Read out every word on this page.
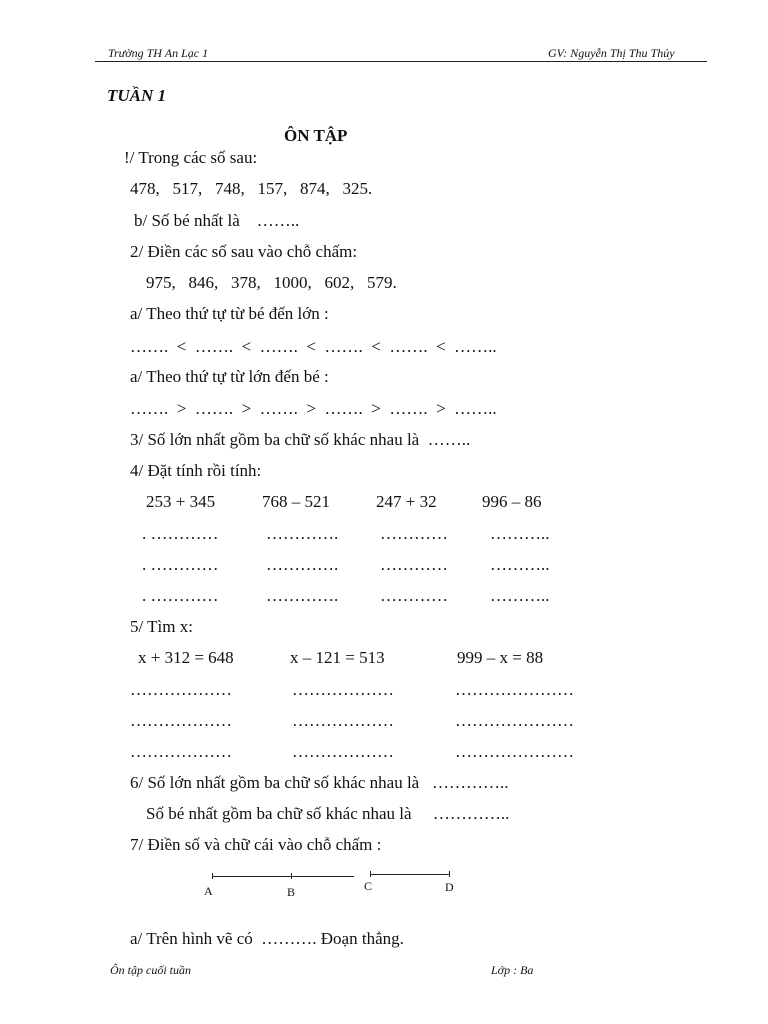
Trường TH An Lạc 1	GV: Nguyễn Thị Thu Thủy
TUẦN 1
ÔN TẬP
!/ Trong các số sau:
478,   517,   748,   157,   874,   325.
b/ Số bé nhất là    ……..
2/ Điền các số sau vào chỗ chấm:
975,   846,   378,   1000,   602,   579.
a/ Theo thứ tự từ bé đến lớn :
…….  <  …….  <  …….  <  …….  <  …….  <  ……..
a/ Theo thứ tự từ lớn đến bé :
…….  >  …….  >  …….  >  …….  >  …….  >  ……..
3/ Số lớn nhất gồm ba chữ số khác nhau là  ……..
4/ Đặt tính rồi tính:
253 + 345	768 – 521	247 + 32	996 – 86
. …………	…………. ………… ………..
. …………	…………. ………… ………..
. …………	…………. ………… ………..
5/ Tìm x:
x + 312 = 648	x – 121 = 513	999 – x = 88
………………	………………	…………………
………………	………………	…………………
………………	………………	…………………
6/ Số lớn nhất gồm ba chữ số khác nhau là   …………..
Số bé nhất gồm ba chữ số khác nhau là     …………..
7/ Điền số và chữ cái vào chỗ chấm :
A	B	C	D
a/ Trên hình vẽ có  ………. Đoạn thẳng.
Ôn tập cuối tuần	Lớp : Ba
